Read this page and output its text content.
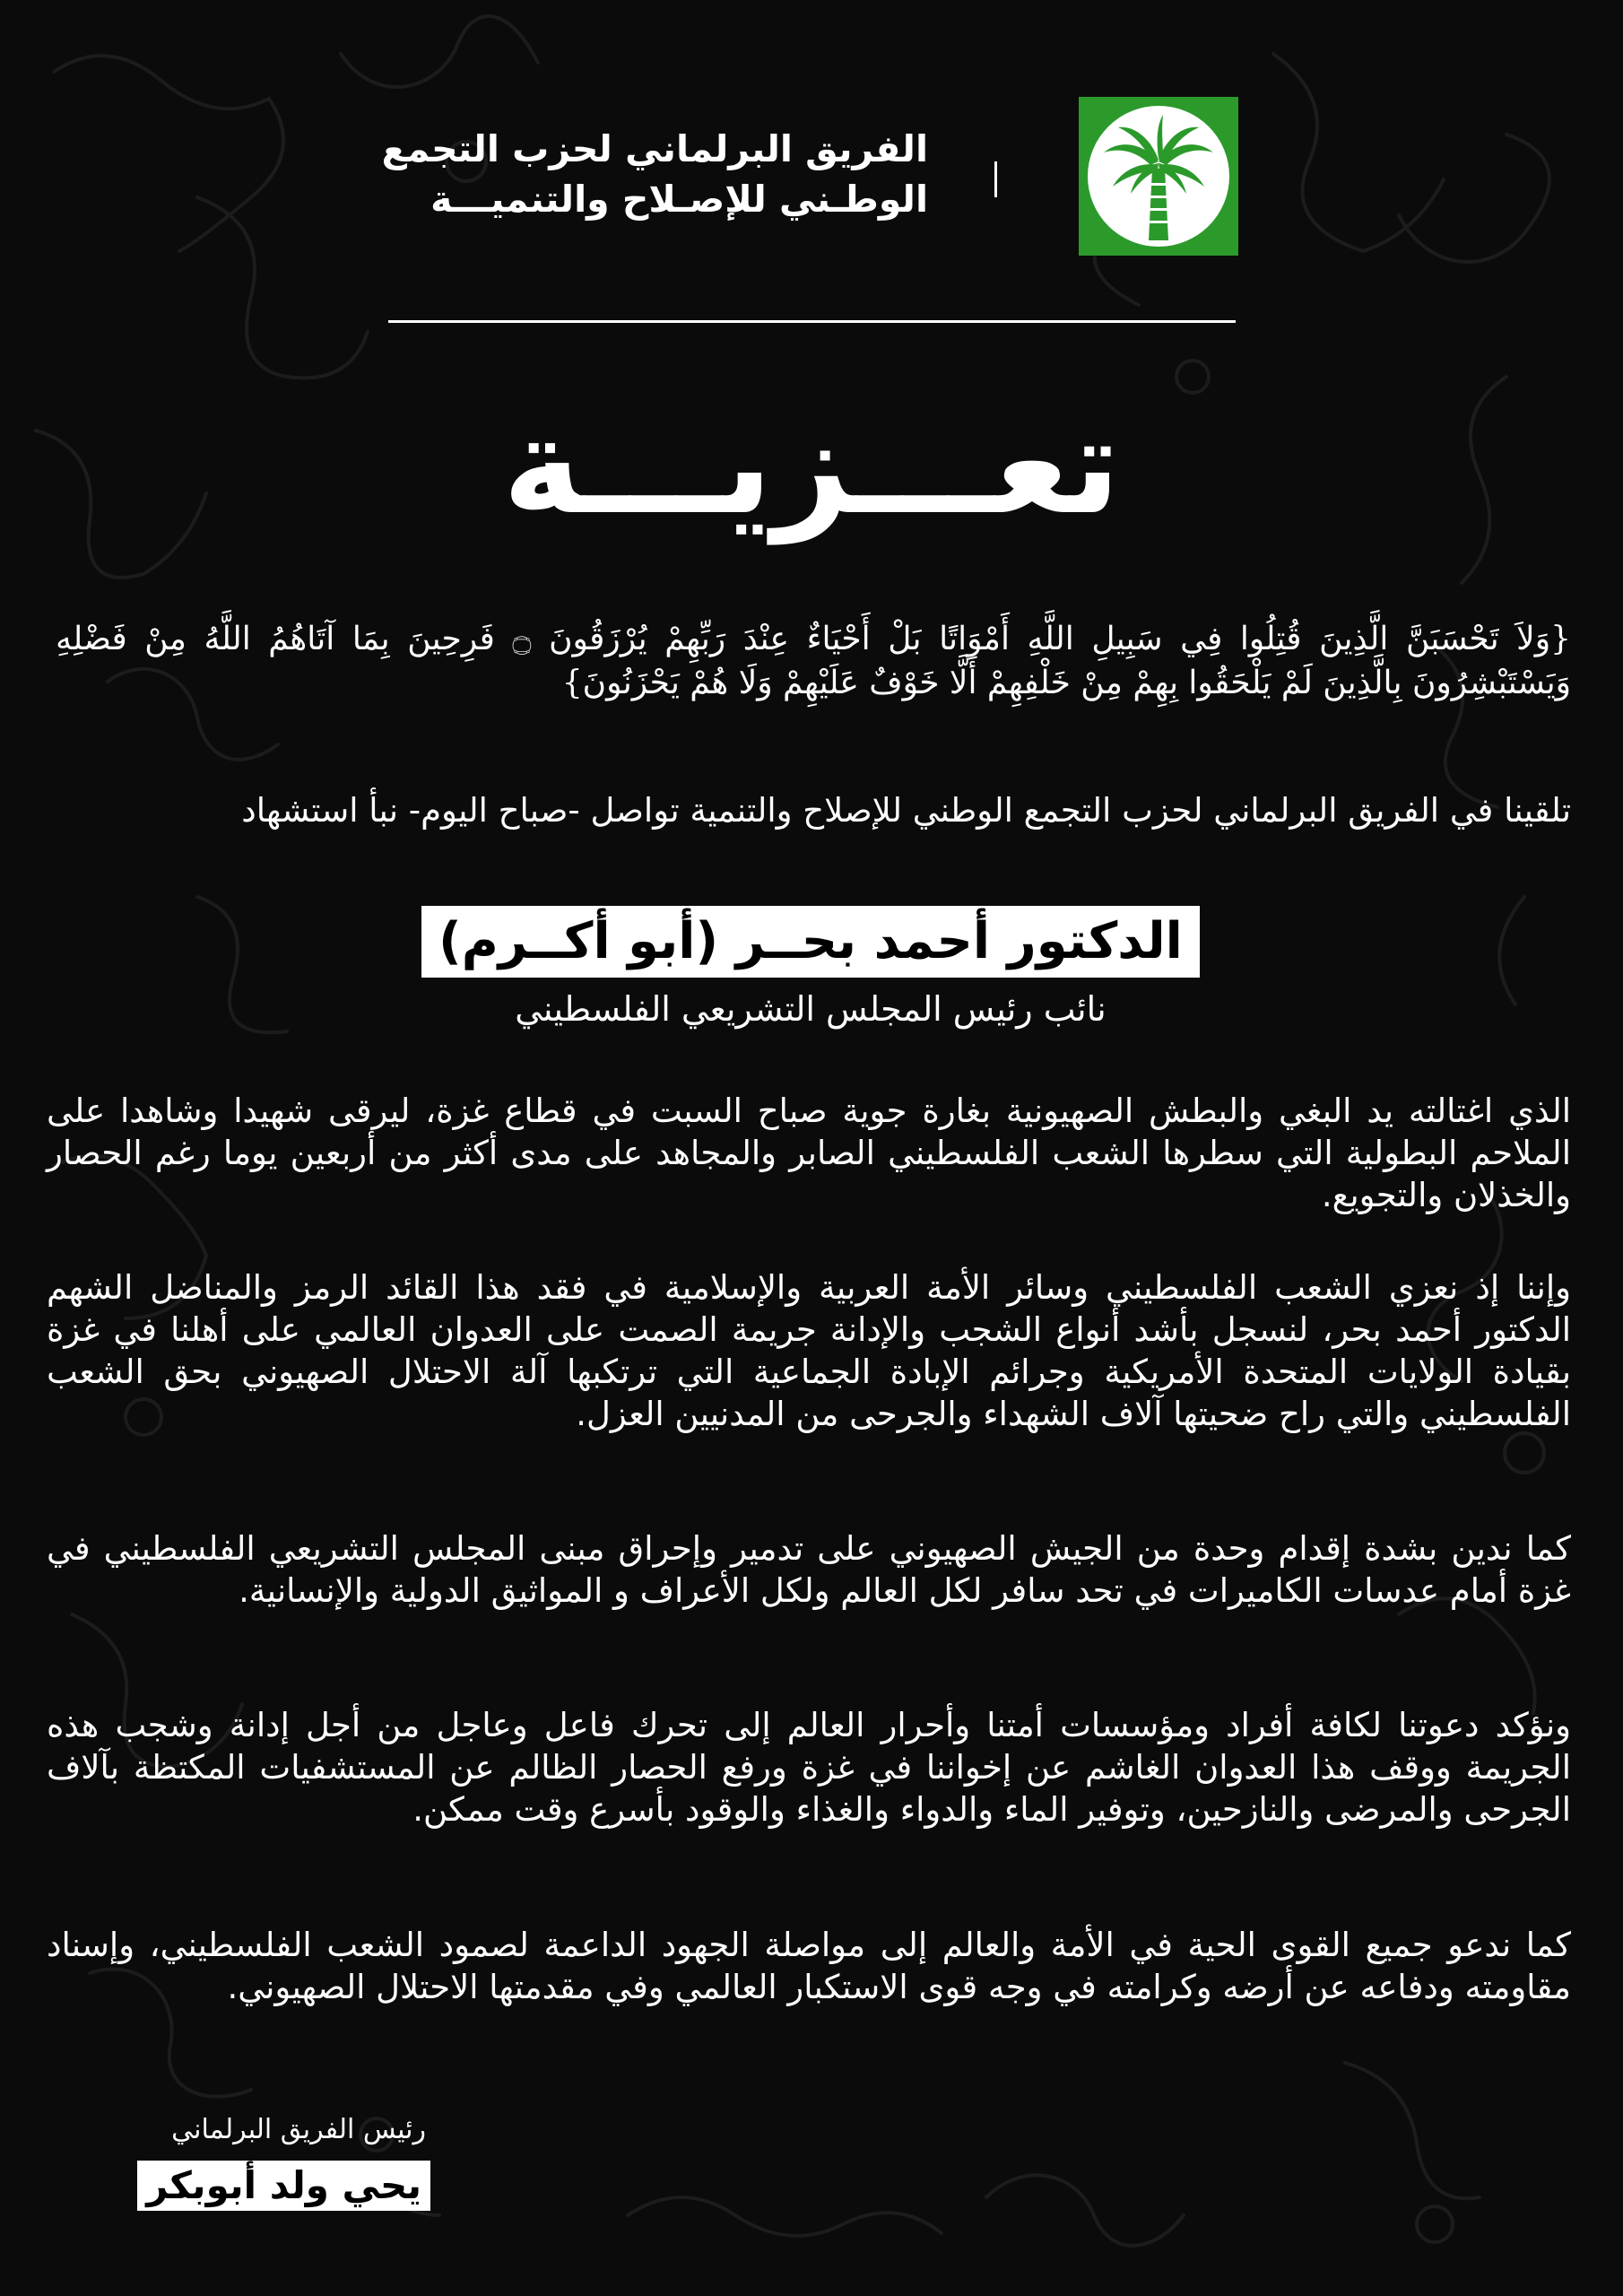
الفريق البرلماني لحزب التجمع
الوطـني للإصـلاح والتنميـــة
تعـــزيـــة
{وَلاَ تَحْسَبَنَّ الَّذِينَ قُتِلُوا فِي سَبِيلِ اللَّهِ أَمْوَاتًا بَلْ أَحْيَاءٌ عِنْدَ رَبِّهِمْ يُرْزَقُونَ ۝ فَرِحِينَ بِمَا آتَاهُمُ اللَّهُ مِنْ فَضْلِهِ وَيَسْتَبْشِرُونَ بِالَّذِينَ لَمْ يَلْحَقُوا بِهِمْ مِنْ خَلْفِهِمْ أَلَّا خَوْفٌ عَلَيْهِمْ وَلَا هُمْ يَحْزَنُونَ}
تلقينا في الفريق البرلماني لحزب التجمع الوطني للإصلاح والتنمية تواصل -صباح اليوم- نبأ استشهاد
الدكتور أحمد بحــر (أبو أكــرم)
نائب رئيس المجلس التشريعي الفلسطيني
الذي اغتالته يد البغي والبطش الصهيونية بغارة جوية صباح السبت في قطاع غزة، ليرقى شهيدا وشاهدا على الملاحم البطولية التي سطرها الشعب الفلسطيني الصابر والمجاهد على مدى أكثر من أربعين يوما رغم الحصار والخذلان والتجويع.
وإننا إذ نعزي الشعب الفلسطيني وسائر الأمة العربية والإسلامية في فقد هذا القائد الرمز والمناضل الشهم الدكتور أحمد بحر، لنسجل بأشد أنواع الشجب والإدانة جريمة الصمت على العدوان العالمي على أهلنا في غزة بقيادة الولايات المتحدة الأمريكية وجرائم الإبادة الجماعية التي ترتكبها آلة الاحتلال الصهيوني بحق الشعب الفلسطيني والتي راح ضحيتها آلاف الشهداء والجرحى من المدنيين العزل.
كما ندين بشدة إقدام وحدة من الجيش الصهيوني على تدمير وإحراق مبنى المجلس التشريعي الفلسطيني في غزة أمام عدسات الكاميرات في تحد سافر لكل العالم ولكل الأعراف و المواثيق الدولية والإنسانية.
ونؤكد دعوتنا لكافة أفراد ومؤسسات أمتنا وأحرار العالم إلى تحرك فاعل وعاجل من أجل إدانة وشجب هذه الجريمة ووقف هذا العدوان الغاشم عن إخواننا في غزة ورفع الحصار الظالم عن المستشفيات المكتظة بآلاف الجرحى والمرضى والنازحين، وتوفير الماء والدواء والغذاء والوقود بأسرع وقت ممكن.
كما ندعو جميع القوى الحية في الأمة والعالم إلى مواصلة الجهود الداعمة لصمود الشعب الفلسطيني، وإسناد مقاومته ودفاعه عن أرضه وكرامته في وجه قوى الاستكبار العالمي وفي مقدمتها الاحتلال الصهيوني.
رئيس الفريق البرلماني
يحي ولد أبوبكر
